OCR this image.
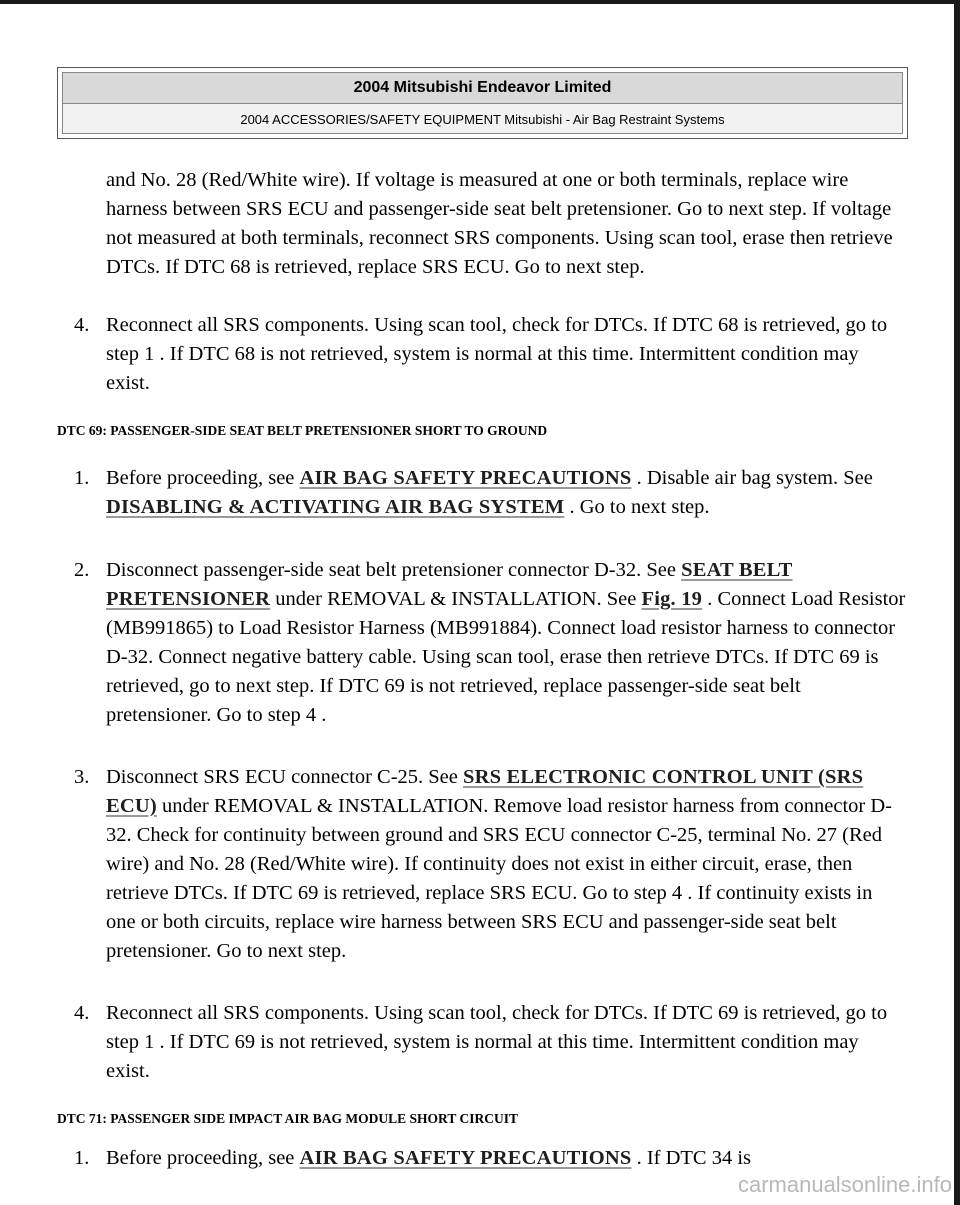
2004 Mitsubishi Endeavor Limited
2004 ACCESSORIES/SAFETY EQUIPMENT Mitsubishi - Air Bag Restraint Systems
and No. 28 (Red/White wire). If voltage is measured at one or both terminals, replace wire harness between SRS ECU and passenger-side seat belt pretensioner. Go to next step. If voltage not measured at both terminals, reconnect SRS components. Using scan tool, erase then retrieve DTCs. If DTC 68 is retrieved, replace SRS ECU. Go to next step.
4. Reconnect all SRS components. Using scan tool, check for DTCs. If DTC 68 is retrieved, go to step 1 . If DTC 68 is not retrieved, system is normal at this time. Intermittent condition may exist.
DTC 69: PASSENGER-SIDE SEAT BELT PRETENSIONER SHORT TO GROUND
1. Before proceeding, see AIR BAG SAFETY PRECAUTIONS . Disable air bag system. See DISABLING & ACTIVATING AIR BAG SYSTEM . Go to next step.
2. Disconnect passenger-side seat belt pretensioner connector D-32. See SEAT BELT PRETENSIONER under REMOVAL & INSTALLATION. See Fig. 19 . Connect Load Resistor (MB991865) to Load Resistor Harness (MB991884). Connect load resistor harness to connector D-32. Connect negative battery cable. Using scan tool, erase then retrieve DTCs. If DTC 69 is retrieved, go to next step. If DTC 69 is not retrieved, replace passenger-side seat belt pretensioner. Go to step 4 .
3. Disconnect SRS ECU connector C-25. See SRS ELECTRONIC CONTROL UNIT (SRS ECU) under REMOVAL & INSTALLATION. Remove load resistor harness from connector D-32. Check for continuity between ground and SRS ECU connector C-25, terminal No. 27 (Red wire) and No. 28 (Red/White wire). If continuity does not exist in either circuit, erase, then retrieve DTCs. If DTC 69 is retrieved, replace SRS ECU. Go to step 4 . If continuity exists in one or both circuits, replace wire harness between SRS ECU and passenger-side seat belt pretensioner. Go to next step.
4. Reconnect all SRS components. Using scan tool, check for DTCs. If DTC 69 is retrieved, go to step 1 . If DTC 69 is not retrieved, system is normal at this time. Intermittent condition may exist.
DTC 71: PASSENGER SIDE IMPACT AIR BAG MODULE SHORT CIRCUIT
1. Before proceeding, see AIR BAG SAFETY PRECAUTIONS . If DTC 34 is
carmanualsonline.info
